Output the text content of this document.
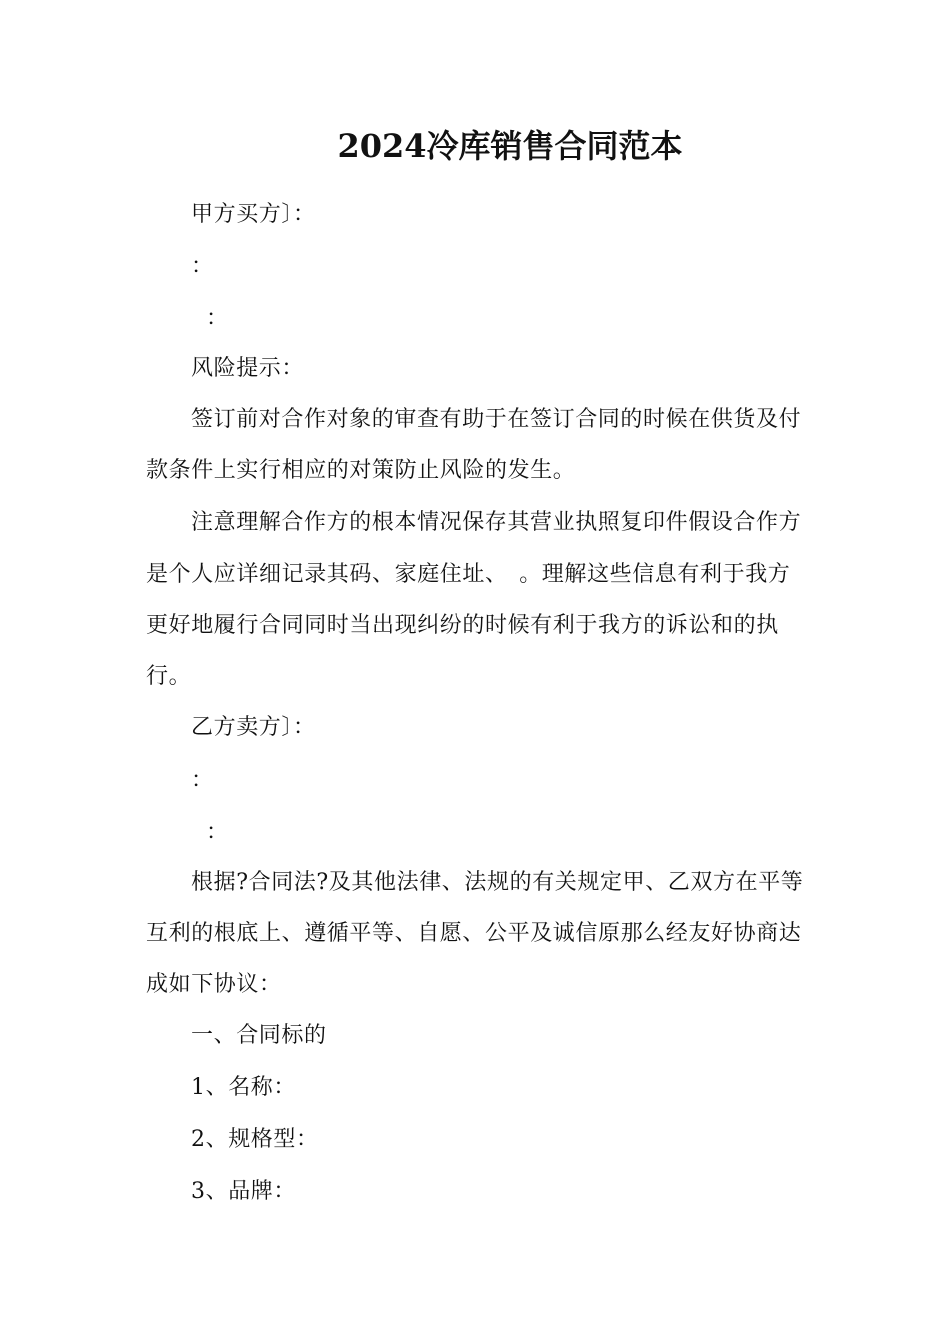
2024冷库销售合同范本
甲方买方〕：
：
：
风险提示：
签订前对合作对象的审查有助于在签订合同的时候在供货及付
款条件上实行相应的对策防止风险的发生。
注意理解合作方的根本情况保存其营业执照复印件假设合作方
是个人应详细记录其码、家庭住址、　。理解这些信息有利于我方
更好地履行合同同时当出现纠纷的时候有利于我方的诉讼和的执
行。
乙方卖方〕：
：
：
根据?合同法?及其他法律、法规的有关规定甲、乙双方在平等
互利的根底上、遵循平等、自愿、公平及诚信原那么经友好协商达
成如下协议：
一、合同标的
1、名称：
2、规格型：
3、品牌：
